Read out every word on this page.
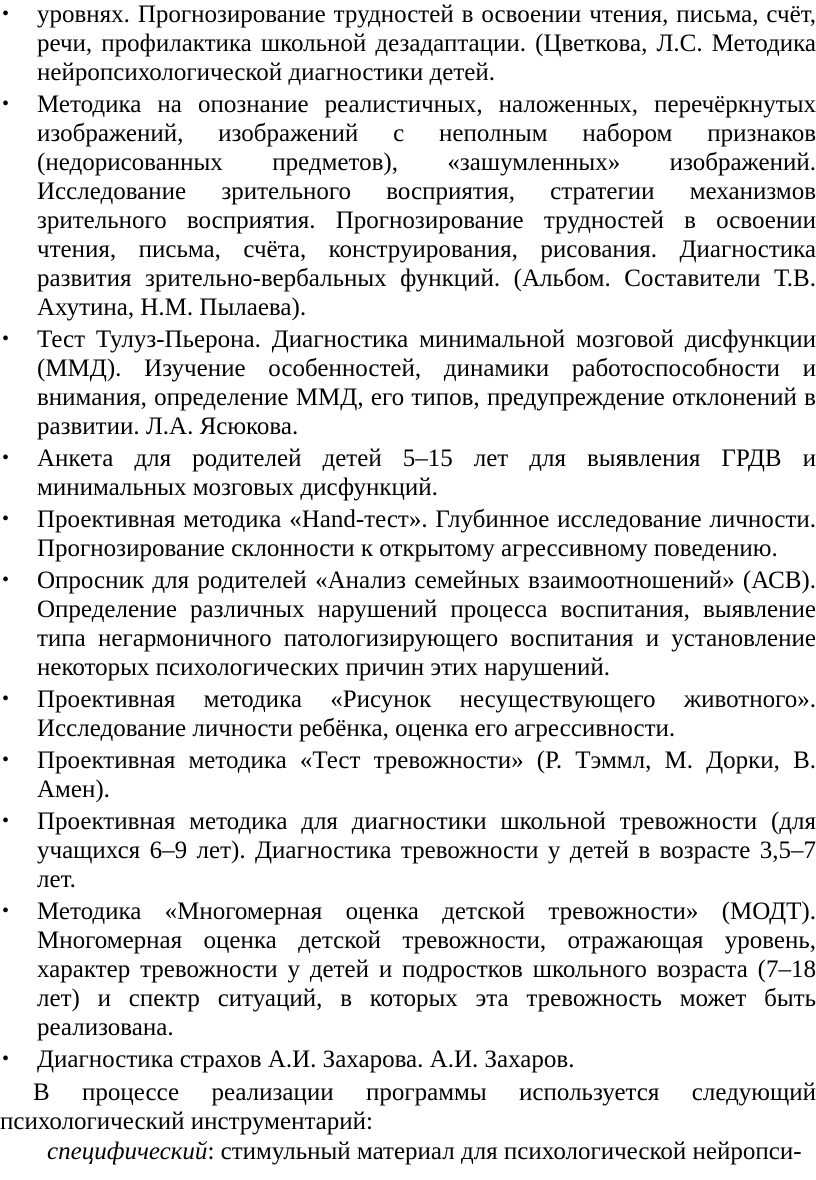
• уровнях. Прогнозирование трудностей в освоении чтения, письма, счёт, речи, профилактика школьной дезадаптации. (Цветкова, Л.С. Методика нейропсихологической диагностики детей.
• Методика на опознание реалистичных, наложенных, перечёркнутых изображений, изображений с неполным набором признаков (недорисованных предметов), «зашумленных» изображений. Исследование зрительного восприятия, стратегии механизмов зрительного восприятия. Прогнозирование трудностей в освоении чтения, письма, счёта, конструирования, рисования. Диагностика развития зрительно-вербальных функций. (Альбом. Составители Т.В. Ахутина, Н.М. Пылаева).
• Тест Тулуз-Пьерона. Диагностика минимальной мозговой дисфункции (ММД). Изучение особенностей, динамики работоспособности и внимания, определение ММД, его типов, предупреждение отклонений в развитии. Л.А. Ясюкова.
• Анкета для родителей детей 5–15 лет для выявления ГРДВ и минимальных мозговых дисфункций.
• Проективная методика «Hand-тест». Глубинное исследование личности. Прогнозирование склонности к открытому агрессивному поведению.
• Опросник для родителей «Анализ семейных взаимоотношений» (АСВ). Определение различных нарушений процесса воспитания, выявление типа негармоничного патологизирующего воспитания и установление некоторых психологических причин этих нарушений.
• Проективная методика «Рисунок несуществующего животного». Исследование личности ребёнка, оценка его агрессивности.
• Проективная методика «Тест тревожности» (Р. Тэммл, М. Дорки, В. Амен).
• Проективная методика для диагностики школьной тревожности (для учащихся 6–9 лет). Диагностика тревожности у детей в возрасте 3,5–7 лет.
• Методика «Многомерная оценка детской тревожности» (МОДТ). Многомерная оценка детской тревожности, отражающая уровень, характер тревожности у детей и подростков школьного возраста (7–18 лет) и спектр ситуаций, в которых эта тревожность может быть реализована.
• Диагностика страхов А.И. Захарова. А.И. Захаров.

В процессе реализации программы используется следующий психологический инструментарий:

специфический: стимульный материал для психологической нейропси-
